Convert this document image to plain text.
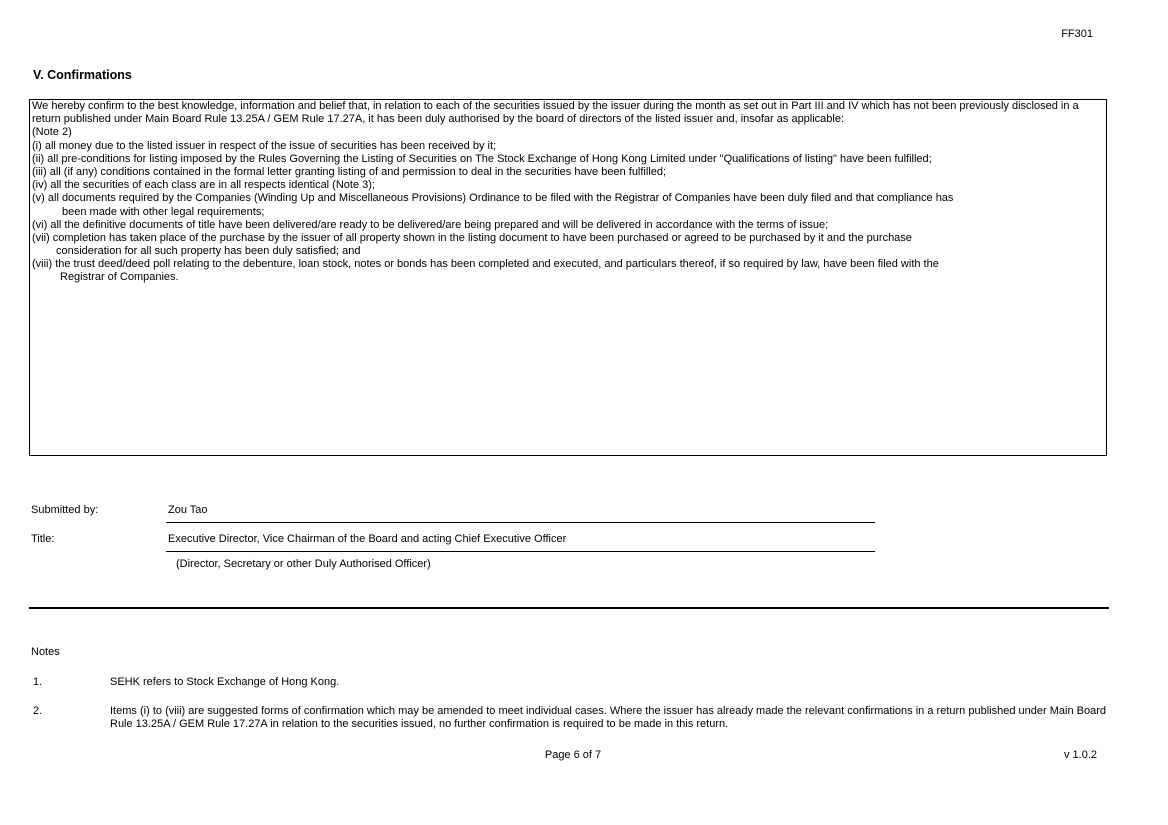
FF301
V. Confirmations

We hereby confirm to the best knowledge, information and belief that, in relation to each of the securities issued by the issuer during the month as set out in Part III and IV which has not been previously disclosed in a return published under Main Board Rule 13.25A / GEM Rule 17.27A, it has been duly authorised by the board of directors of the listed issuer and, insofar as applicable:

(Note 2)

(i) all money due to the listed issuer in respect of the issue of securities has been received by it;

(ii) all pre-conditions for listing imposed by the Rules Governing the Listing of Securities on The Stock Exchange of Hong Kong Limited under "Qualifications of listing" have been fulfilled;

(iii) all (if any) conditions contained in the formal letter granting listing of and permission to deal in the securities have been fulfilled;

(iv) all the securities of each class are in all respects identical (Note 3);

(v) all documents required by the Companies (Winding Up and Miscellaneous Provisions) Ordinance to be filed with the Registrar of Companies have been duly filed and that compliance has
been made with other legal requirements;

(vi) all the definitive documents of title have been delivered/are ready to be delivered/are being prepared and will be delivered in accordance with the terms of issue;

(vii) completion has taken place of the purchase by the issuer of all property shown in the listing document to have been purchased or agreed to be purchased by it and the purchase
consideration for all such property has been duly satisfied; and

(viii) the trust deed/deed poll relating to the debenture, loan stock, notes or bonds has been completed and executed, and particulars thereof, if so required by law, have been filed with the
Registrar of Companies.

Submitted by:	Zou Tao
Title:	Executive Director, Vice Chairman of the Board and acting Chief Executive Officer
(Director, Secretary or other Duly Authorised Officer)
Notes
1.	SEHK refers to Stock Exchange of Hong Kong.
2.	Items (i) to (viii) are suggested forms of confirmation which may be amended to meet individual cases. Where the issuer has already made the relevant confirmations in a return published under Main Board Rule 13.25A / GEM Rule 17.27A in relation to the securities issued, no further confirmation is required to be made in this return.
Page 6 of 7	v 1.0.2
